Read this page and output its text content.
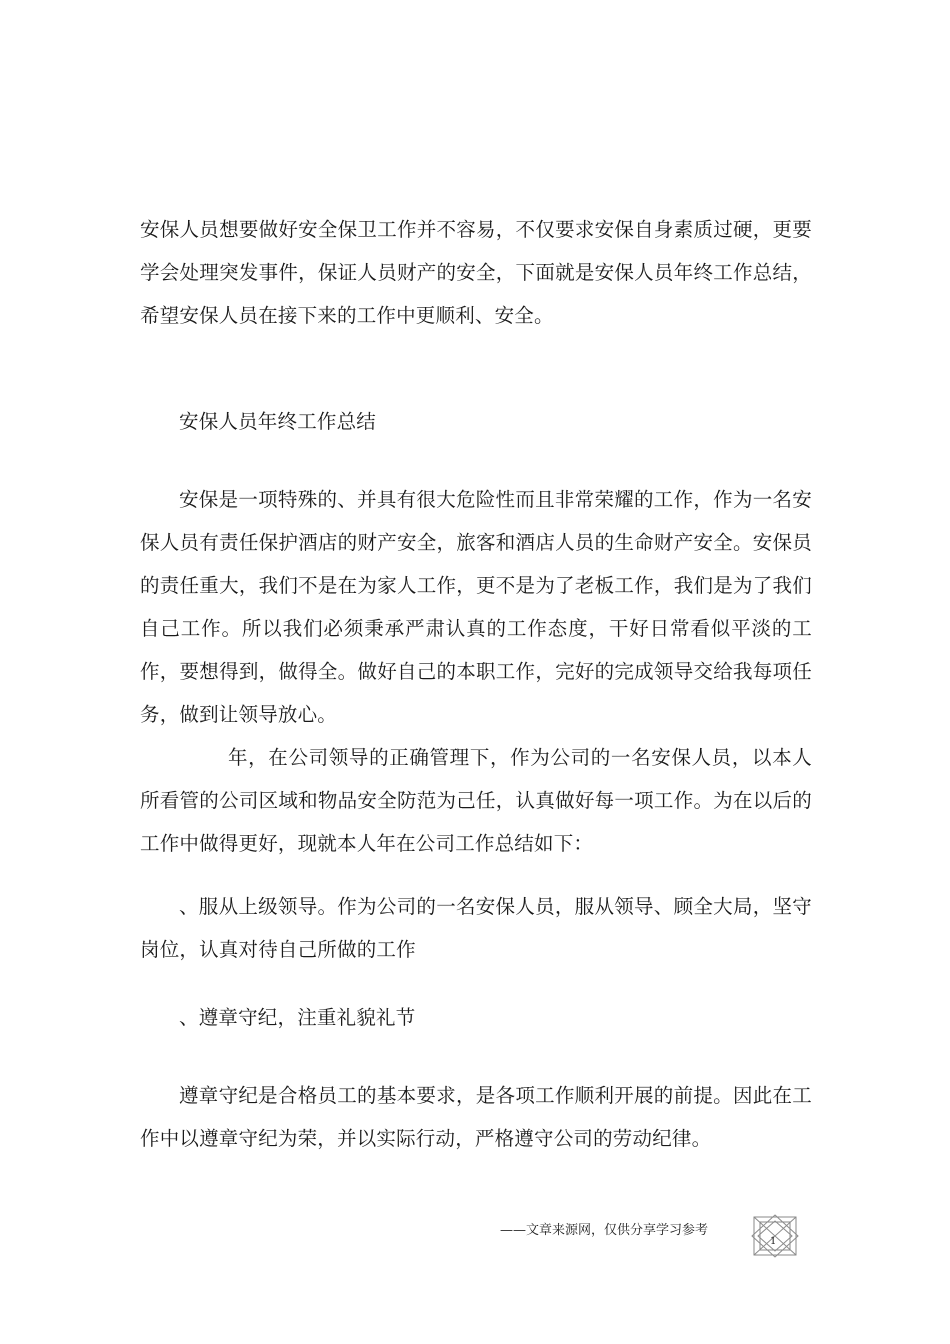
安保人员想要做好安全保卫工作并不容易，不仅要求安保自身素质过硬，更要学会处理突发事件，保证人员财产的安全，下面就是安保人员年终工作总结，希望安保人员在接下来的工作中更顺利、安全。

安保人员年终工作总结

安保是一项特殊的、并具有很大危险性而且非常荣耀的工作，作为一名安保人员有责任保护酒店的财产安全，旅客和酒店人员的生命财产安全。安保员的责任重大，我们不是在为家人工作，更不是为了老板工作，我们是为了我们自己工作。所以我们必须秉承严肃认真的工作态度，干好日常看似平淡的工作，要想得到，做得全。做好自己的本职工作，完好的完成领导交给我每项任务，做到让领导放心。

年，在公司领导的正确管理下，作为公司的一名安保人员，以本人所看管的公司区域和物品安全防范为己任，认真做好每一项工作。为在以后的工作中做得更好，现就本人年在公司工作总结如下：

、服从上级领导。作为公司的一名安保人员，服从领导、顾全大局，坚守岗位，认真对待自己所做的工作

、遵章守纪，注重礼貌礼节

遵章守纪是合格员工的基本要求，是各项工作顺利开展的前提。因此在工作中以遵章守纪为荣，并以实际行动，严格遵守公司的劳动纪律。

——文章来源网，仅供分享学习参考
1
